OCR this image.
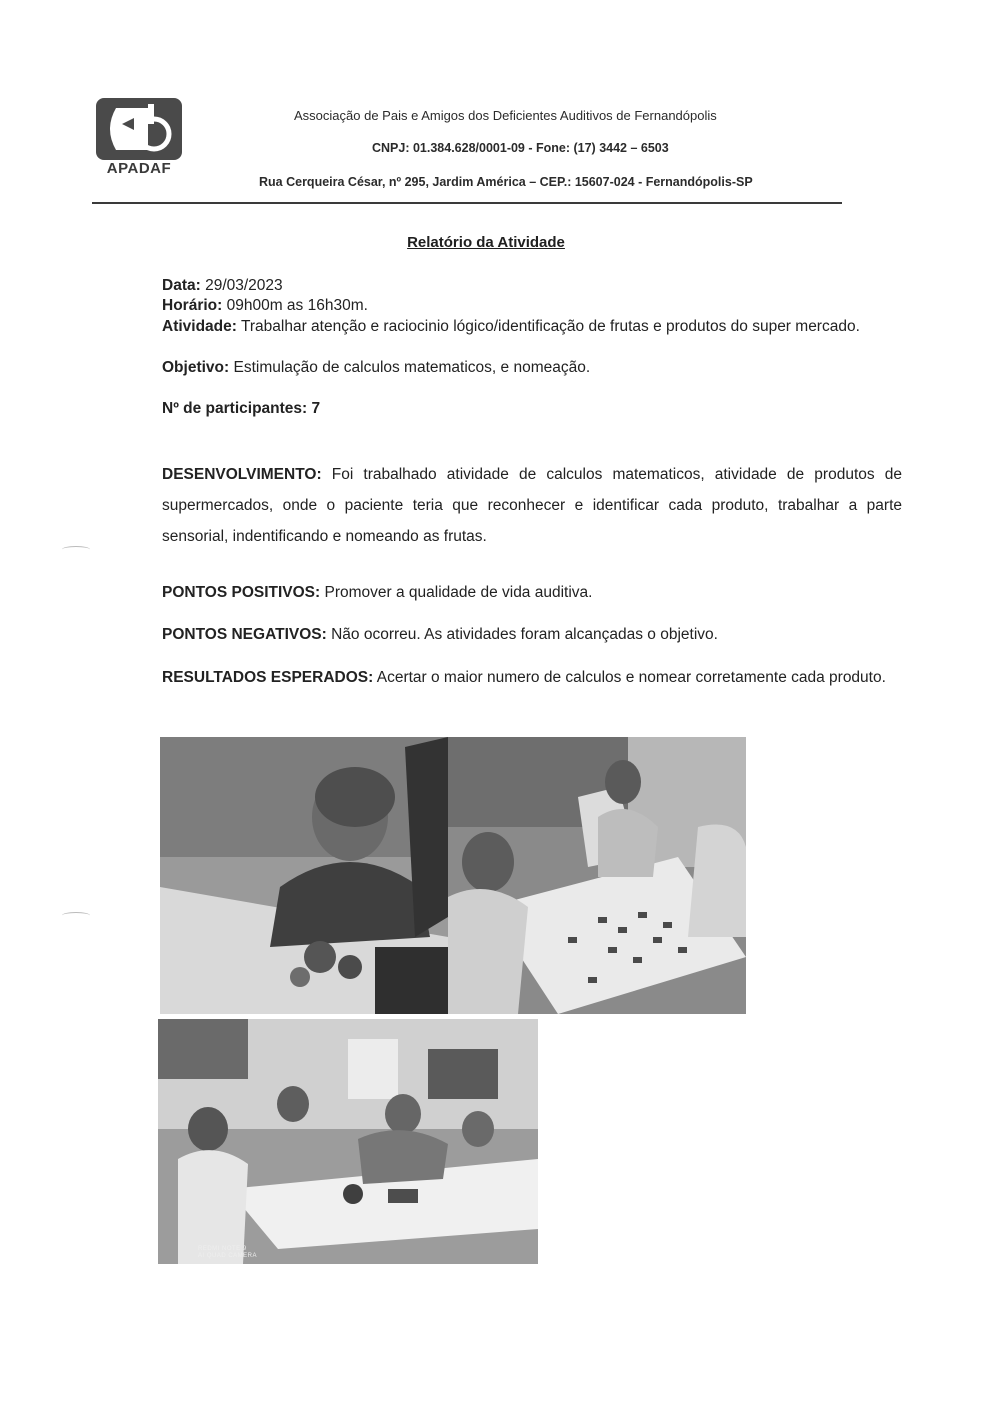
APADAF
Associação de Pais e Amigos dos Deficientes Auditivos de Fernandópolis
CNPJ: 01.384.628/0001-09 - Fone: (17) 3442 – 6503
Rua Cerqueira César, nº 295, Jardim América – CEP.: 15607-024 - Fernandópolis-SP
Relatório da Atividade
Data: 29/03/2023
Horário: 09h00m as 16h30m.
Atividade: Trabalhar atenção e raciocinio lógico/identificação de frutas e produtos do super mercado.
Objetivo: Estimulação de calculos matematicos, e nomeação.
Nº de participantes: 7
DESENVOLVIMENTO: Foi trabalhado atividade de calculos matematicos, atividade de produtos de supermercados, onde o paciente teria que reconhecer e identificar cada produto, trabalhar a parte sensorial, indentificando e nomeando as frutas.
PONTOS POSITIVOS: Promover a qualidade de vida auditiva.
PONTOS NEGATIVOS: Não ocorreu. As atividades foram alcançadas o objetivo.
RESULTADOS ESPERADOS: Acertar o maior numero de calculos e nomear corretamente cada produto.
REDMI NOTE 9
AI QUAD CAMERA
